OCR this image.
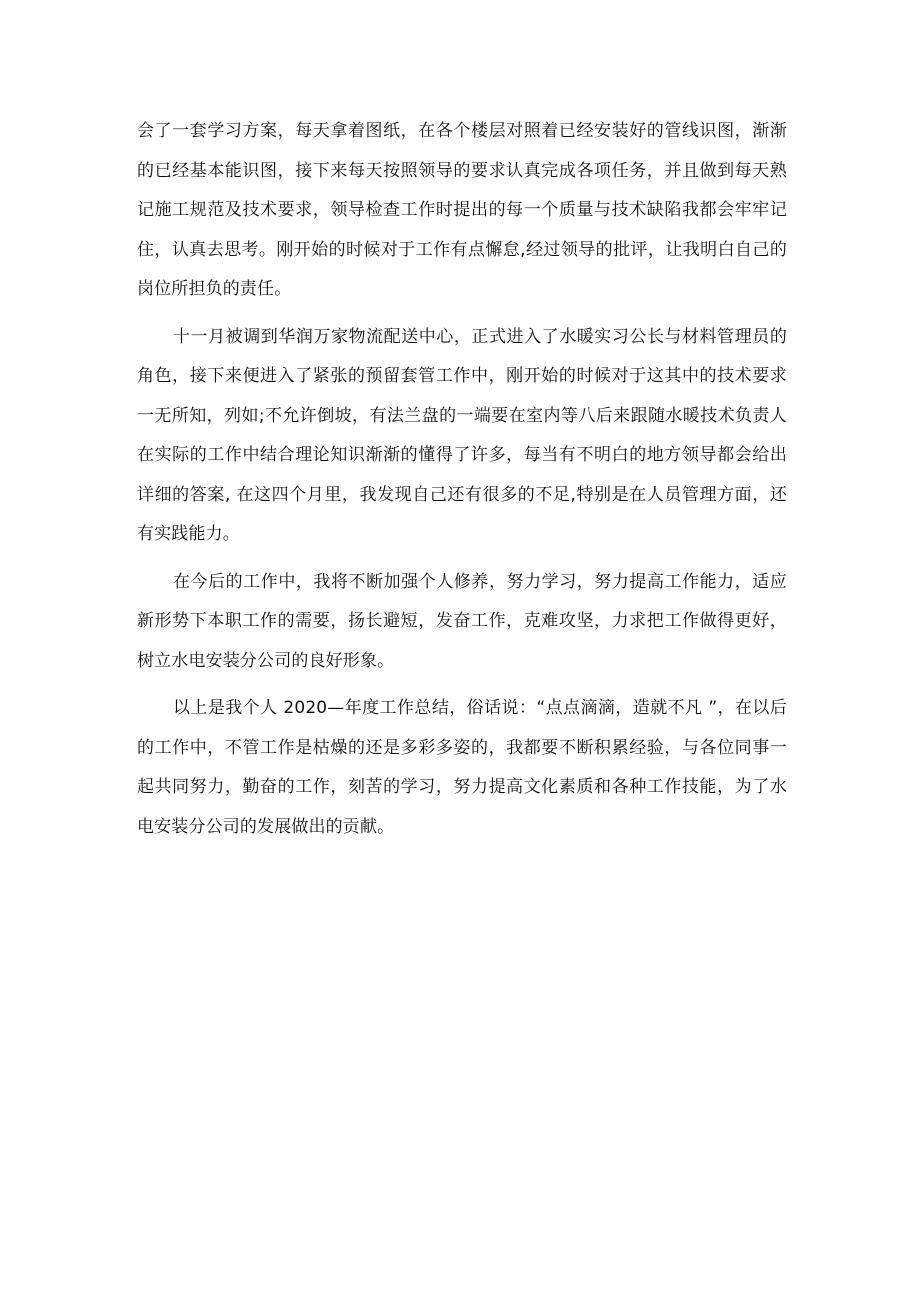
会了一套学习方案，每天拿着图纸，在各个楼层对照着已经安装好的管线识图，渐渐的已经基本能识图，接下来每天按照领导的要求认真完成各项任务，并且做到每天熟记施工规范及技术要求，领导检查工作时提出的每一个质量与技术缺陷我都会牢牢记住，认真去思考。刚开始的时候对于工作有点懈怠,经过领导的批评，让我明白自己的岗位所担负的责任。

十一月被调到华润万家物流配送中心，正式进入了水暖实习公长与材料管理员的角色，接下来便进入了紧张的预留套管工作中，刚开始的时候对于这其中的技术要求一无所知，列如;不允许倒坡，有法兰盘的一端要在室内等八后来跟随水暖技术负责人在实际的工作中结合理论知识渐渐的懂得了许多，每当有不明白的地方领导都会给出详细的答案, 在这四个月里，我发现自己还有很多的不足,特别是在人员管理方面，还有实践能力。

在今后的工作中，我将不断加强个人修养，努力学习，努力提高工作能力，适应新形势下本职工作的需要，扬长避短，发奋工作，克难攻坚，力求把工作做得更好，树立水电安装分公司的良好形象。

以上是我个人 2020—年度工作总结，俗话说：“点点滴滴，造就不凡 ”，在以后的工作中，不管工作是枯燥的还是多彩多姿的，我都要不断积累经验，与各位同事一起共同努力，勤奋的工作，刻苦的学习，努力提高文化素质和各种工作技能，为了水电安装分公司的发展做出的贡献。
